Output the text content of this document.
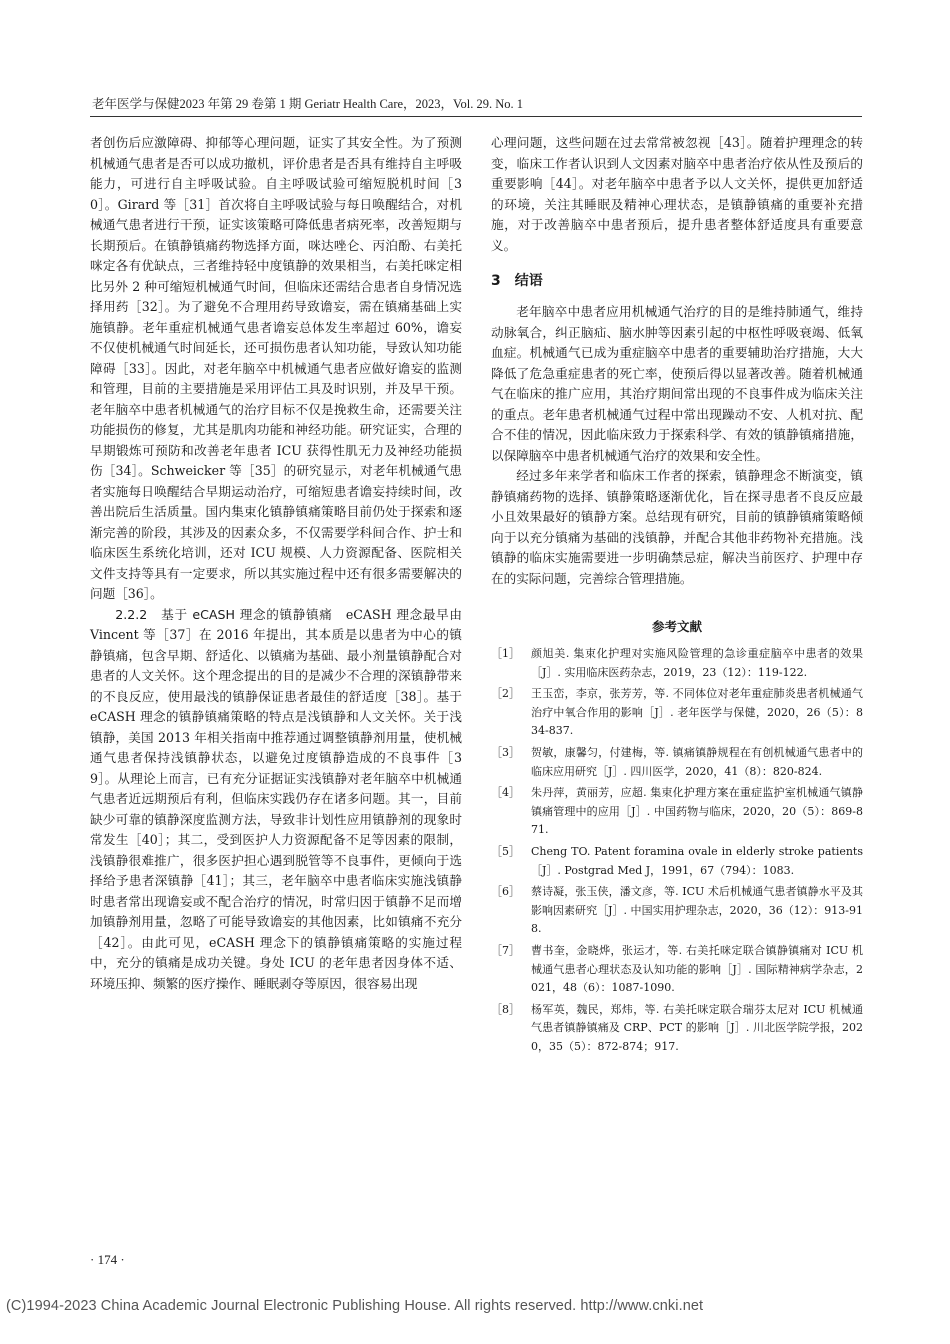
老年医学与保健2023 年第 29 卷第 1 期 Geriatr Health Care，2023，Vol. 29. No. 1

者创伤后应激障碍、抑郁等心理问题，证实了其安全性。为了预测机械通气患者是否可以成功撤机，评价患者是否具有维持自主呼吸能力，可进行自主呼吸试验。自主呼吸试验可缩短脱机时间［30］。Girard 等［31］首次将自主呼吸试验与每日唤醒结合，对机械通气患者进行干预，证实该策略可降低患者病死率，改善短期与长期预后。在镇静镇痛药物选择方面，咪达唑仑、丙泊酚、右美托咪定各有优缺点，三者维持轻中度镇静的效果相当，右美托咪定相比另外 2 种可缩短机械通气时间，但临床还需结合患者自身情况选择用药［32］。为了避免不合理用药导致谵妄，需在镇痛基础上实施镇静。老年重症机械通气患者谵妄总体发生率超过 60%，谵妄不仅使机械通气时间延长，还可损伤患者认知功能，导致认知功能障碍［33］。因此，对老年脑卒中机械通气患者应做好谵妄的监测和管理，目前的主要措施是采用评估工具及时识别，并及早干预。老年脑卒中患者机械通气的治疗目标不仅是挽救生命，还需要关注功能损伤的修复，尤其是肌肉功能和神经功能。研究证实，合理的早期锻炼可预防和改善老年患者 ICU 获得性肌无力及神经功能损伤［34］。Schweicker 等［35］的研究显示，对老年机械通气患者实施每日唤醒结合早期运动治疗，可缩短患者谵妄持续时间，改善出院后生活质量。国内集束化镇静镇痛策略目前仍处于探索和逐渐完善的阶段，其涉及的因素众多，不仅需要学科间合作、护士和临床医生系统化培训，还对 ICU 规模、人力资源配备、医院相关文件支持等具有一定要求，所以其实施过程中还有很多需要解决的问题［36］。

2.2.2　基于 eCASH 理念的镇静镇痛　eCASH 理念最早由 Vincent 等［37］在 2016 年提出，其本质是以患者为中心的镇静镇痛，包含早期、舒适化、以镇痛为基础、最小剂量镇静配合对患者的人文关怀。这个理念提出的目的是减少不合理的深镇静带来的不良反应，使用最浅的镇静保证患者最佳的舒适度［38］。基于 eCASH 理念的镇静镇痛策略的特点是浅镇静和人文关怀。关于浅镇静，美国 2013 年相关指南中推荐通过调整镇静剂用量，使机械通气患者保持浅镇静状态，以避免过度镇静造成的不良事件［39］。从理论上而言，已有充分证据证实浅镇静对老年脑卒中机械通气患者近远期预后有利，但临床实践仍存在诸多问题。其一，目前缺少可靠的镇静深度监测方法，导致非计划性应用镇静剂的现象时常发生［40］；其二，受到医护人力资源配备不足等因素的限制，浅镇静很难推广，很多医护担心遇到脱管等不良事件，更倾向于选择给予患者深镇静［41］；其三，老年脑卒中患者临床实施浅镇静时患者常出现谵妄或不配合治疗的情况，时常归因于镇静不足而增加镇静剂用量，忽略了可能导致谵妄的其他因素，比如镇痛不充分［42］。由此可见，eCASH 理念下的镇静镇痛策略的实施过程中，充分的镇痛是成功关键。身处 ICU 的老年患者因身体不适、环境压抑、频繁的医疗操作、睡眠剥夺等原因，很容易出现

心理问题，这些问题在过去常常被忽视［43］。随着护理理念的转变，临床工作者认识到人文因素对脑卒中患者治疗依从性及预后的重要影响［44］。对老年脑卒中患者予以人文关怀，提供更加舒适的环境，关注其睡眠及精神心理状态，是镇静镇痛的重要补充措施，对于改善脑卒中患者预后，提升患者整体舒适度具有重要意义。

3 结语

老年脑卒中患者应用机械通气治疗的目的是维持肺通气，维持动脉氧合，纠正脑疝、脑水肿等因素引起的中枢性呼吸衰竭、低氧血症。机械通气已成为重症脑卒中患者的重要辅助治疗措施，大大降低了危急重症患者的死亡率，使预后得以显著改善。随着机械通气在临床的推广应用，其治疗期间常出现的不良事件成为临床关注的重点。老年患者机械通气过程中常出现躁动不安、人机对抗、配合不佳的情况，因此临床致力于探索科学、有效的镇静镇痛措施，以保障脑卒中患者机械通气治疗的效果和安全性。

经过多年来学者和临床工作者的探索，镇静理念不断演变，镇静镇痛药物的选择、镇静策略逐渐优化，旨在探寻患者不良反应最小且效果最好的镇静方案。总结现有研究，目前的镇静镇痛策略倾向于以充分镇痛为基础的浅镇静，并配合其他非药物补充措施。浅镇静的临床实施需要进一步明确禁忌症，解决当前医疗、护理中存在的实际问题，完善综合管理措施。

参考文献
［1］	颜旭美. 集束化护理对实施风险管理的急诊重症脑卒中患者的效果［J］. 实用临床医药杂志，2019，23（12）：119-122.
［2］	王玉峦，李京，张芳芳，等. 不同体位对老年重症肺炎患者机械通气治疗中氧合作用的影响［J］. 老年医学与保健，2020，26（5）：834-837.
［3］	贺敏，康馨匀，付建梅，等. 镇痛镇静规程在有创机械通气患者中的临床应用研究［J］. 四川医学，2020，41（8）：820-824.
［4］	朱丹萍，黄丽芳，应超. 集束化护理方案在重症监护室机械通气镇静镇痛管理中的应用［J］. 中国药物与临床，2020，20（5）：869-871.
［5］	Cheng TO. Patent foramina ovale in elderly stroke patients［J］. Postgrad Med J，1991，67（794）：1083.
［6］	蔡诗凝，张玉侠，潘文彦，等. ICU 术后机械通气患者镇静水平及其影响因素研究［J］. 中国实用护理杂志，2020，36（12）：913-918.
［7］	曹书奎，金晓烨，张运才，等. 右美托咪定联合镇静镇痛对 ICU 机械通气患者心理状态及认知功能的影响［J］. 国际精神病学杂志，2021，48（6）：1087-1090.
［8］	杨军英，魏民，郑炜，等. 右美托咪定联合瑞芬太尼对 ICU 机械通气患者镇静镇痛及 CRP、PCT 的影响［J］. 川北医学院学报，2020，35（5）：872-874；917.
· 174 ·
(C)1994-2023 China Academic Journal Electronic Publishing House. All rights reserved. http://www.cnki.net
